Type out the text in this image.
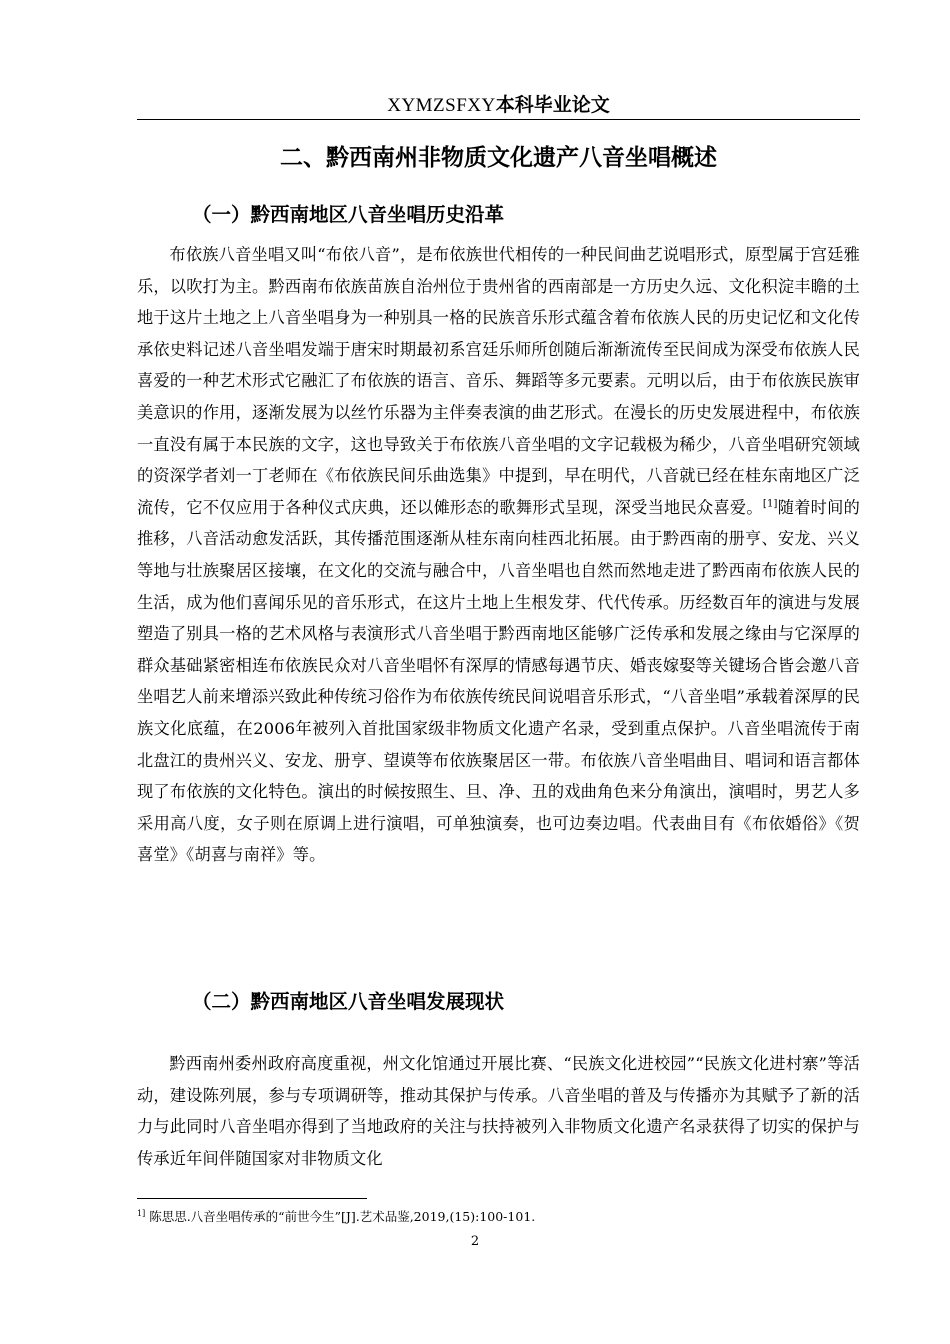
XYMZSFXY本科毕业论文
二、黔西南州非物质文化遗产八音坐唱概述
（一）黔西南地区八音坐唱历史沿革

布依族八音坐唱又叫“布依八音”，是布依族世代相传的一种民间曲艺说唱形式，原型属于宫廷雅乐，以吹打为主。黔西南布依族苗族自治州位于贵州省的西南部是一方历史久远、文化积淀丰瞻的土地于这片土地之上八音坐唱身为一种别具一格的民族音乐形式蕴含着布依族人民的历史记忆和文化传承依史料记述八音坐唱发端于唐宋时期最初系宫廷乐师所创随后渐渐流传至民间成为深受布依族人民喜爱的一种艺术形式它融汇了布依族的语言、音乐、舞蹈等多元要素。元明以后，由于布依族民族审美意识的作用，逐渐发展为以丝竹乐器为主伴奏表演的曲艺形式。在漫长的历史发展进程中，布依族一直没有属于本民族的文字，这也导致关于布依族八音坐唱的文字记载极为稀少，八音坐唱研究领域的资深学者刘一丁老师在《布依族民间乐曲选集》中提到，早在明代，八音就已经在桂东南地区广泛流传，它不仅应用于各种仪式庆典，还以傩形态的歌舞形式呈现，深受当地民众喜爱。[1]随着时间的推移，八音活动愈发活跃，其传播范围逐渐从桂东南向桂西北拓展。由于黔西南的册亨、安龙、兴义等地与壮族聚居区接壤，在文化的交流与融合中，八音坐唱也自然而然地走进了黔西南布依族人民的生活，成为他们喜闻乐见的音乐形式，在这片土地上生根发芽、代代传承。历经数百年的演进与发展塑造了别具一格的艺术风格与表演形式八音坐唱于黔西南地区能够广泛传承和发展之缘由与它深厚的群众基础紧密相连布依族民众对八音坐唱怀有深厚的情感每遇节庆、婚丧嫁娶等关键场合皆会邀八音坐唱艺人前来增添兴致此种传统习俗作为布依族传统民间说唱音乐形式，“八音坐唱”承载着深厚的民族文化底蕴，在2006年被列入首批国家级非物质文化遗产名录，受到重点保护。八音坐唱流传于南北盘江的贵州兴义、安龙、册亨、望谟等布依族聚居区一带。布依族八音坐唱曲目、唱词和语言都体现了布依族的文化特色。演出的时候按照生、旦、净、丑的戏曲角色来分角演出，演唱时，男艺人多采用高八度，女子则在原调上进行演唱，可单独演奏，也可边奏边唱。代表曲目有《布依婚俗》《贺喜堂》《胡喜与南祥》等。

（二）黔西南地区八音坐唱发展现状

黔西南州委州政府高度重视，州文化馆通过开展比赛、“民族文化进校园”“民族文化进村寨”等活动，建设陈列展，参与专项调研等，推动其保护与传承。八音坐唱的普及与传播亦为其赋予了新的活力与此同时八音坐唱亦得到了当地政府的关注与扶持被列入非物质文化遗产名录获得了切实的保护与传承近年间伴随国家对非物质文化

$^{1]}$ 陈思思.八音坐唱传承的“前世今生”[J].艺术品鉴,2019,(15):100-101.
2
